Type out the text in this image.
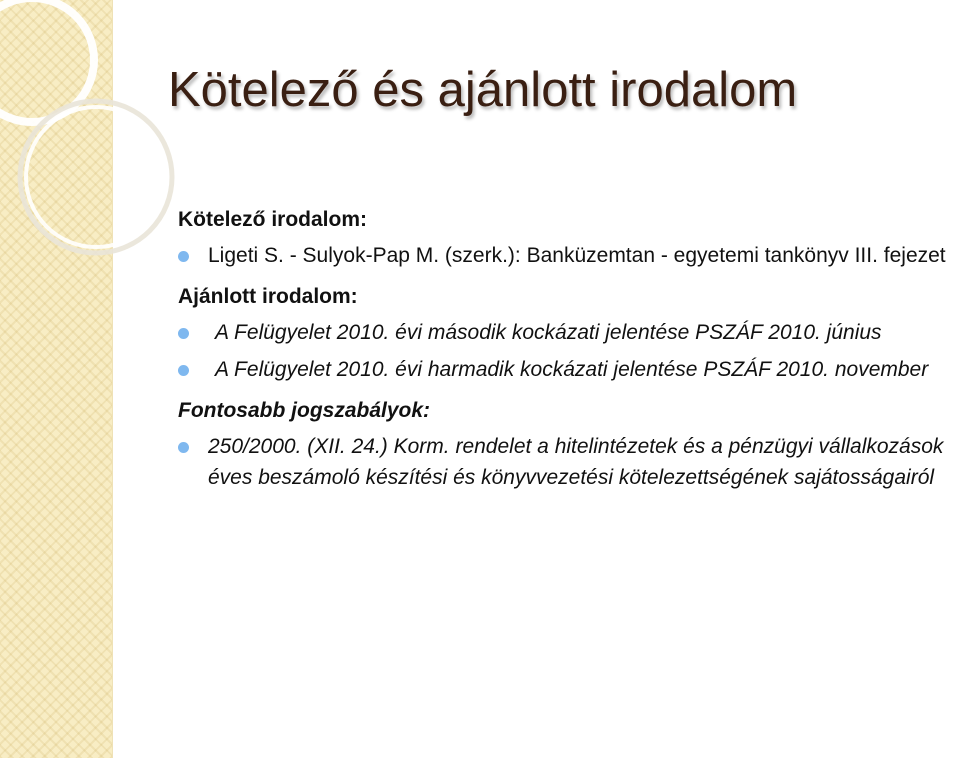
Kötelező és ajánlott irodalom

Kötelező irodalom:

Ligeti S. - Sulyok-Pap M. (szerk.): Banküzemtan - egyetemi tankönyv III. fejezet

Ajánlott irodalom:

A Felügyelet 2010. évi második kockázati jelentése PSZÁF 2010. június
A Felügyelet 2010. évi harmadik kockázati jelentése PSZÁF 2010. november

Fontosabb jogszabályok:

250/2000. (XII. 24.) Korm. rendelet a hitelintézetek és a pénzügyi vállalkozások éves beszámoló készítési és könyvvezetési kötelezettségének sajátosságairól
